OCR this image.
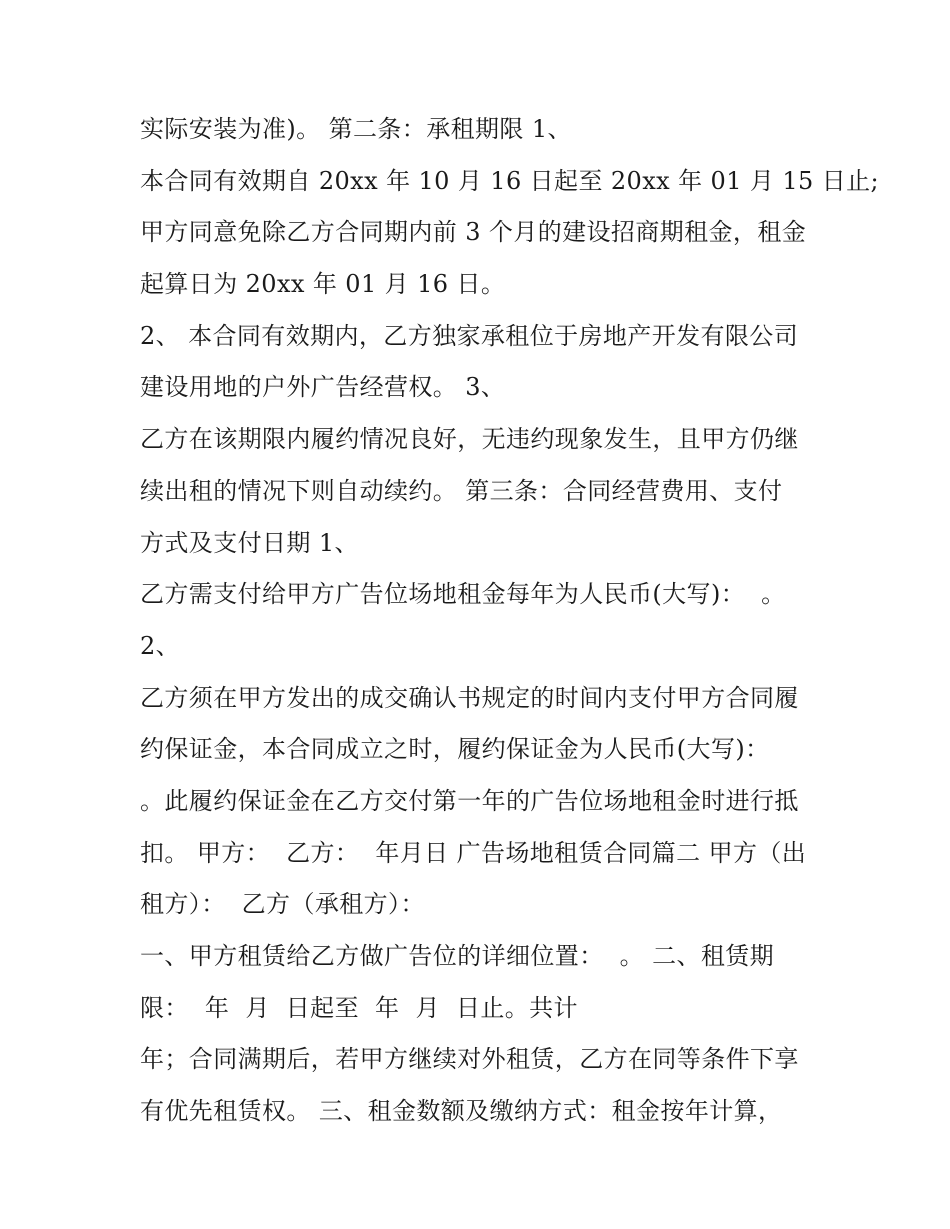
实际安装为准)。 第二条：承租期限 1、
本合同有效期自 20xx 年 10 月 16 日起至 20xx 年 01 月 15 日止;
甲方同意免除乙方合同期内前 3 个月的建设招商期租金，租金
起算日为 20xx 年 01 月 16 日。
2、 本合同有效期内，乙方独家承租位于房地产开发有限公司
建设用地的户外广告经营权。 3、
乙方在该期限内履约情况良好，无违约现象发生，且甲方仍继
续出租的情况下则自动续约。 第三条：合同经营费用、支付
方式及支付日期 1、
乙方需支付给甲方广告位场地租金每年为人民币(大写)：  。
2、
乙方须在甲方发出的成交确认书规定的时间内支付甲方合同履
约保证金，本合同成立之时，履约保证金为人民币(大写)：
。此履约保证金在乙方交付第一年的广告位场地租金时进行抵
扣。 甲方：  乙方：  年月日 广告场地租赁合同篇二 甲方（出
租方）：  乙方（承租方）：
一、甲方租赁给乙方做广告位的详细位置：  。 二、租赁期
限：  年  月  日起至  年  月  日止。共计
年；合同满期后，若甲方继续对外租赁，乙方在同等条件下享
有优先租赁权。 三、租金数额及缴纳方式：租金按年计算，
